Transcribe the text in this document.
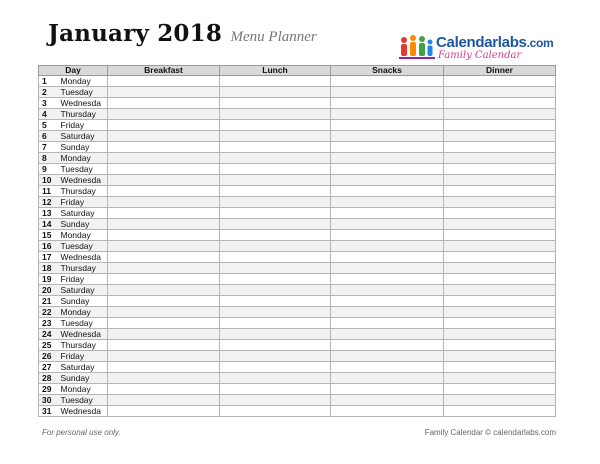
January 2018 Menu Planner	Calendarlabs.com
Family Calendar
Day		Breakfast	Lunch	Snacks	Dinner
1	Monday				
2	Tuesday				
3	Wednesda				
4	Thursday				
5	Friday				
6	Saturday				
7	Sunday				
8	Monday				
9	Tuesday				
10	Wednesda				
11	Thursday				
12	Friday				
13	Saturday				
14	Sunday				
15	Monday				
16	Tuesday				
17	Wednesda				
18	Thursday				
19	Friday				
20	Saturday				
21	Sunday				
22	Monday				
23	Tuesday				
24	Wednesda				
25	Thursday				
26	Friday				
27	Saturday				
28	Sunday				
29	Monday				
30	Tuesday				
31	Wednesda				
For personal use only.	Family Calendar © calendarlabs.com
